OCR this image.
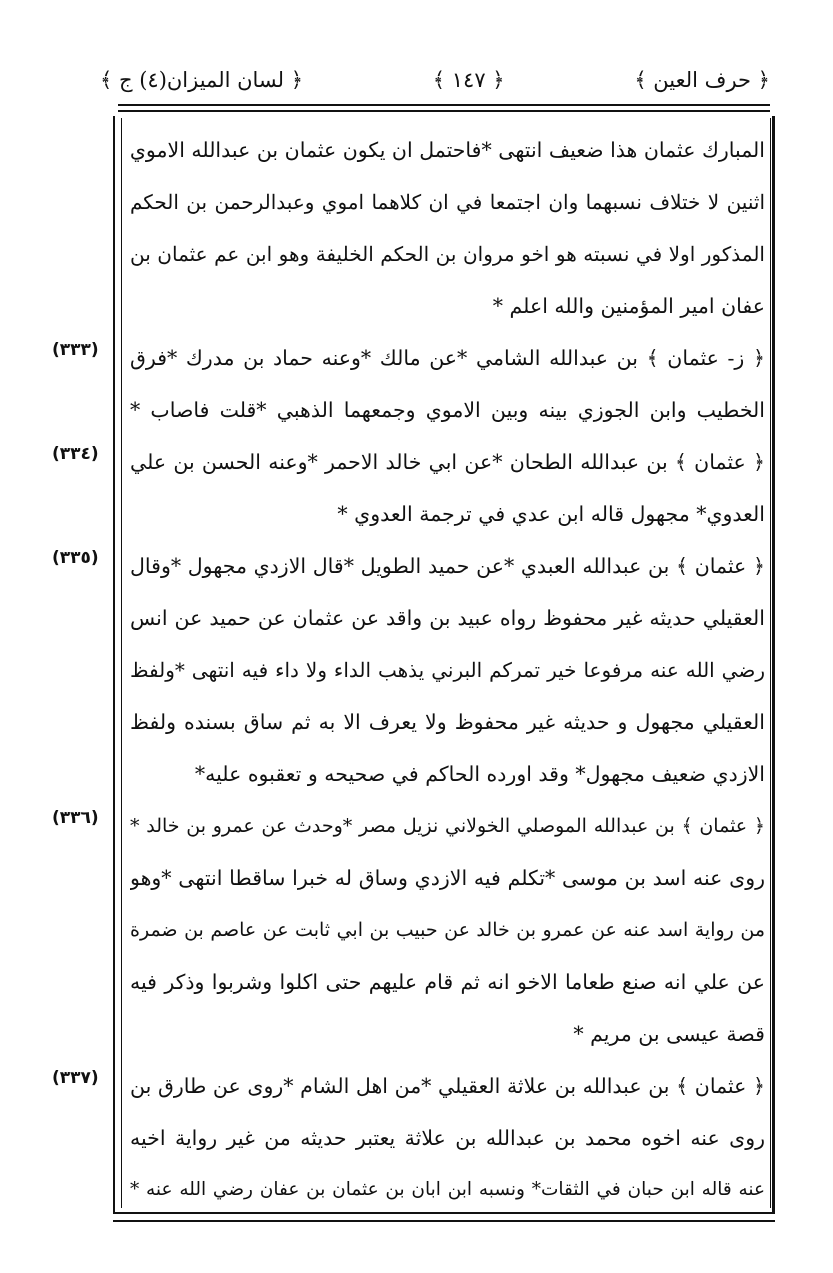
﴿ حرف العين ﴾
﴿ ١٤٧ ﴾
﴿ لسان الميزان(٤) ج ﴾
المبارك عثمان هذا ضعيف انتهى *فاحتمل ان يكون عثمان بن عبدالله الاموي
اثنين لا ختلاف نسبهما وان اجتمعا في ان كلاهما اموي وعبدالرحمن بن الحكم
المذكور اولا في نسبته هو اخو مروان بن الحكم الخليفة وهو ابن عم عثمان بن
عفان امير المؤمنين والله اعلم *
﴿ ز- عثمان ﴾ بن عبدالله الشامي *عن مالك *وعنه حماد بن مدرك *فرق
الخطيب وابن الجوزي بينه وبين الاموي وجمعهما الذهبي *قلت فاصاب *
﴿ عثمان ﴾ بن عبدالله الطحان *عن ابي خالد الاحمر *وعنه الحسن بن علي
العدوي* مجهول قاله ابن عدي في ترجمة العدوي *
﴿ عثمان ﴾ بن عبدالله العبدي *عن حميد الطويل *قال الازدي مجهول *وقال
العقيلي حديثه غير محفوظ رواه عبيد بن واقد عن عثمان عن حميد عن انس
رضي الله عنه مرفوعا خير تمركم البرني يذهب الداء ولا داء فيه انتهى *ولفظ
العقيلي مجهول و حديثه غير محفوظ ولا يعرف الا به ثم ساق بسنده ولفظ
الازدي ضعيف مجهول* وقد اورده الحاكم في صحيحه و تعقبوه عليه*
﴿ عثمان ﴾ بن عبدالله الموصلي الخولاني نزيل مصر *وحدث عن عمرو بن خالد *
روى عنه اسد بن موسى *تكلم فيه الازدي وساق له خبرا ساقطا انتهى *وهو
من رواية اسد عنه عن عمرو بن خالد عن حبيب بن ابي ثابت عن عاصم بن ضمرة
عن علي انه صنع طعاما الاخو انه ثم قام عليهم حتى اكلوا وشربوا وذكر فيه
قصة عيسى بن مريم *
﴿ عثمان ﴾ بن عبدالله بن علاثة العقيلي *من اهل الشام *روى عن طارق بن
روى عنه اخوه محمد بن عبدالله بن علاثة يعتبر حديثه من غير رواية اخيه
عنه قاله ابن حبان في الثقات* ونسبه ابن ابان بن عثمان بن عفان رضي الله عنه *
(٣٣٣)
(٣٣٤)
(٣٣٥)
(٣٣٦)
(٣٣٧)
